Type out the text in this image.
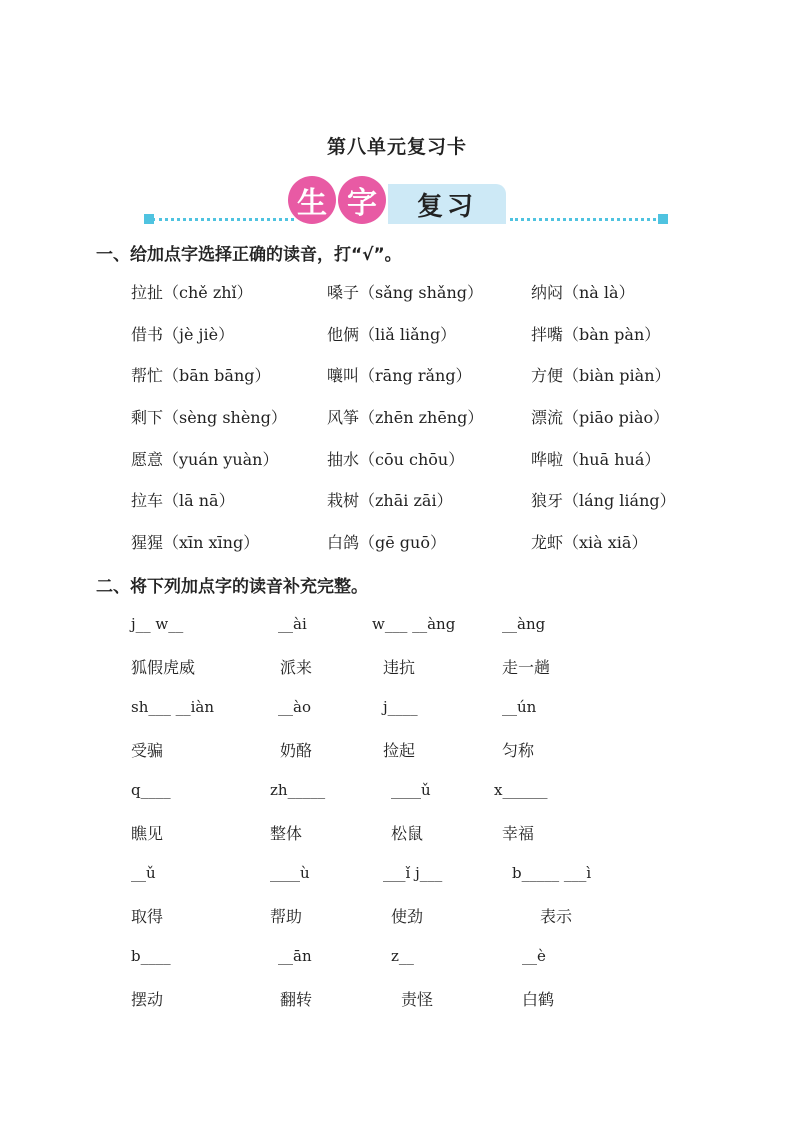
第八单元复习卡
生 字	复习
一、给加点字选择正确的读音，打“√”。
拉扯（chě zhǐ）	嗓子（sǎng shǎng）	纳闷（nà là）
借书（jè jiè）	他俩（liǎ liǎng）	拌嘴（bàn pàn）
帮忙（bān bāng）	嚷叫（rāng rǎng）	方便（biàn piàn）
剩下（sèng shèng）	风筝（zhēn zhēng）	漂流（piāo piào）
愿意（yuán yuàn）	抽水（cōu chōu）	哗啦（huā huá）
拉车（lā nā）	栽树（zhāi zāi）	狼牙（láng liáng）
猩猩（xīn xīng）	白鸽（gē guō）	龙虾（xià xiā）
二、将下列加点字的读音补充完整。
j__ w__	__ài	w___ __àng	__àng
狐假虎威	派来	违抗	走一趟
sh___ __iàn	__ào	j____	__ún
受骗	奶酪	捡起	匀称
q____	zh_____	____ǔ	x______
瞧见	整体	松鼠	幸福
__ǔ	____ù	___ǐ j___	b_____ ___ì
取得	帮助	使劲	表示
b____	__ān	z__	__è
摆动	翻转	责怪	白鹤
